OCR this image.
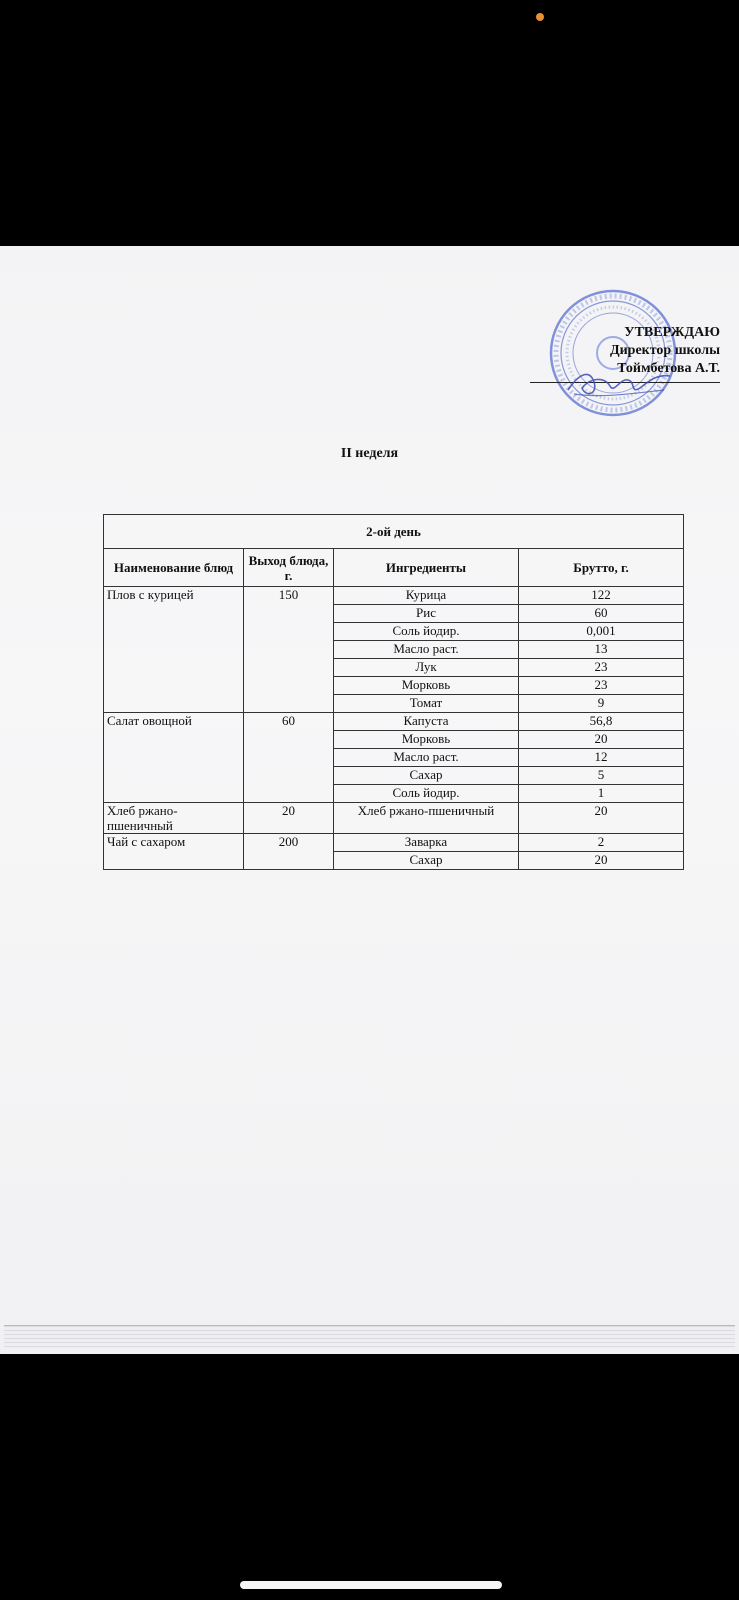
УТВЕРЖДАЮ
Директор школы
Тоймбетова А.Т.
II неделя
2-ой день			
Наименование блюд	Выход блюда, г.	Ингредиенты	Брутто, г.
Плов с курицей	150	Курица	122
		Рис	60
		Соль йодир.	0,001
		Масло раст.	13
		Лук	23
		Морковь	23
		Томат	9
Салат овощной	60	Капуста	56,8
		Морковь	20
		Масло раст.	12
		Сахар	5
		Соль йодир.	1
Хлеб ржано-пшеничный	20	Хлеб ржано-пшеничный	20
Чай с сахаром	200	Заварка	2
		Сахар	20
